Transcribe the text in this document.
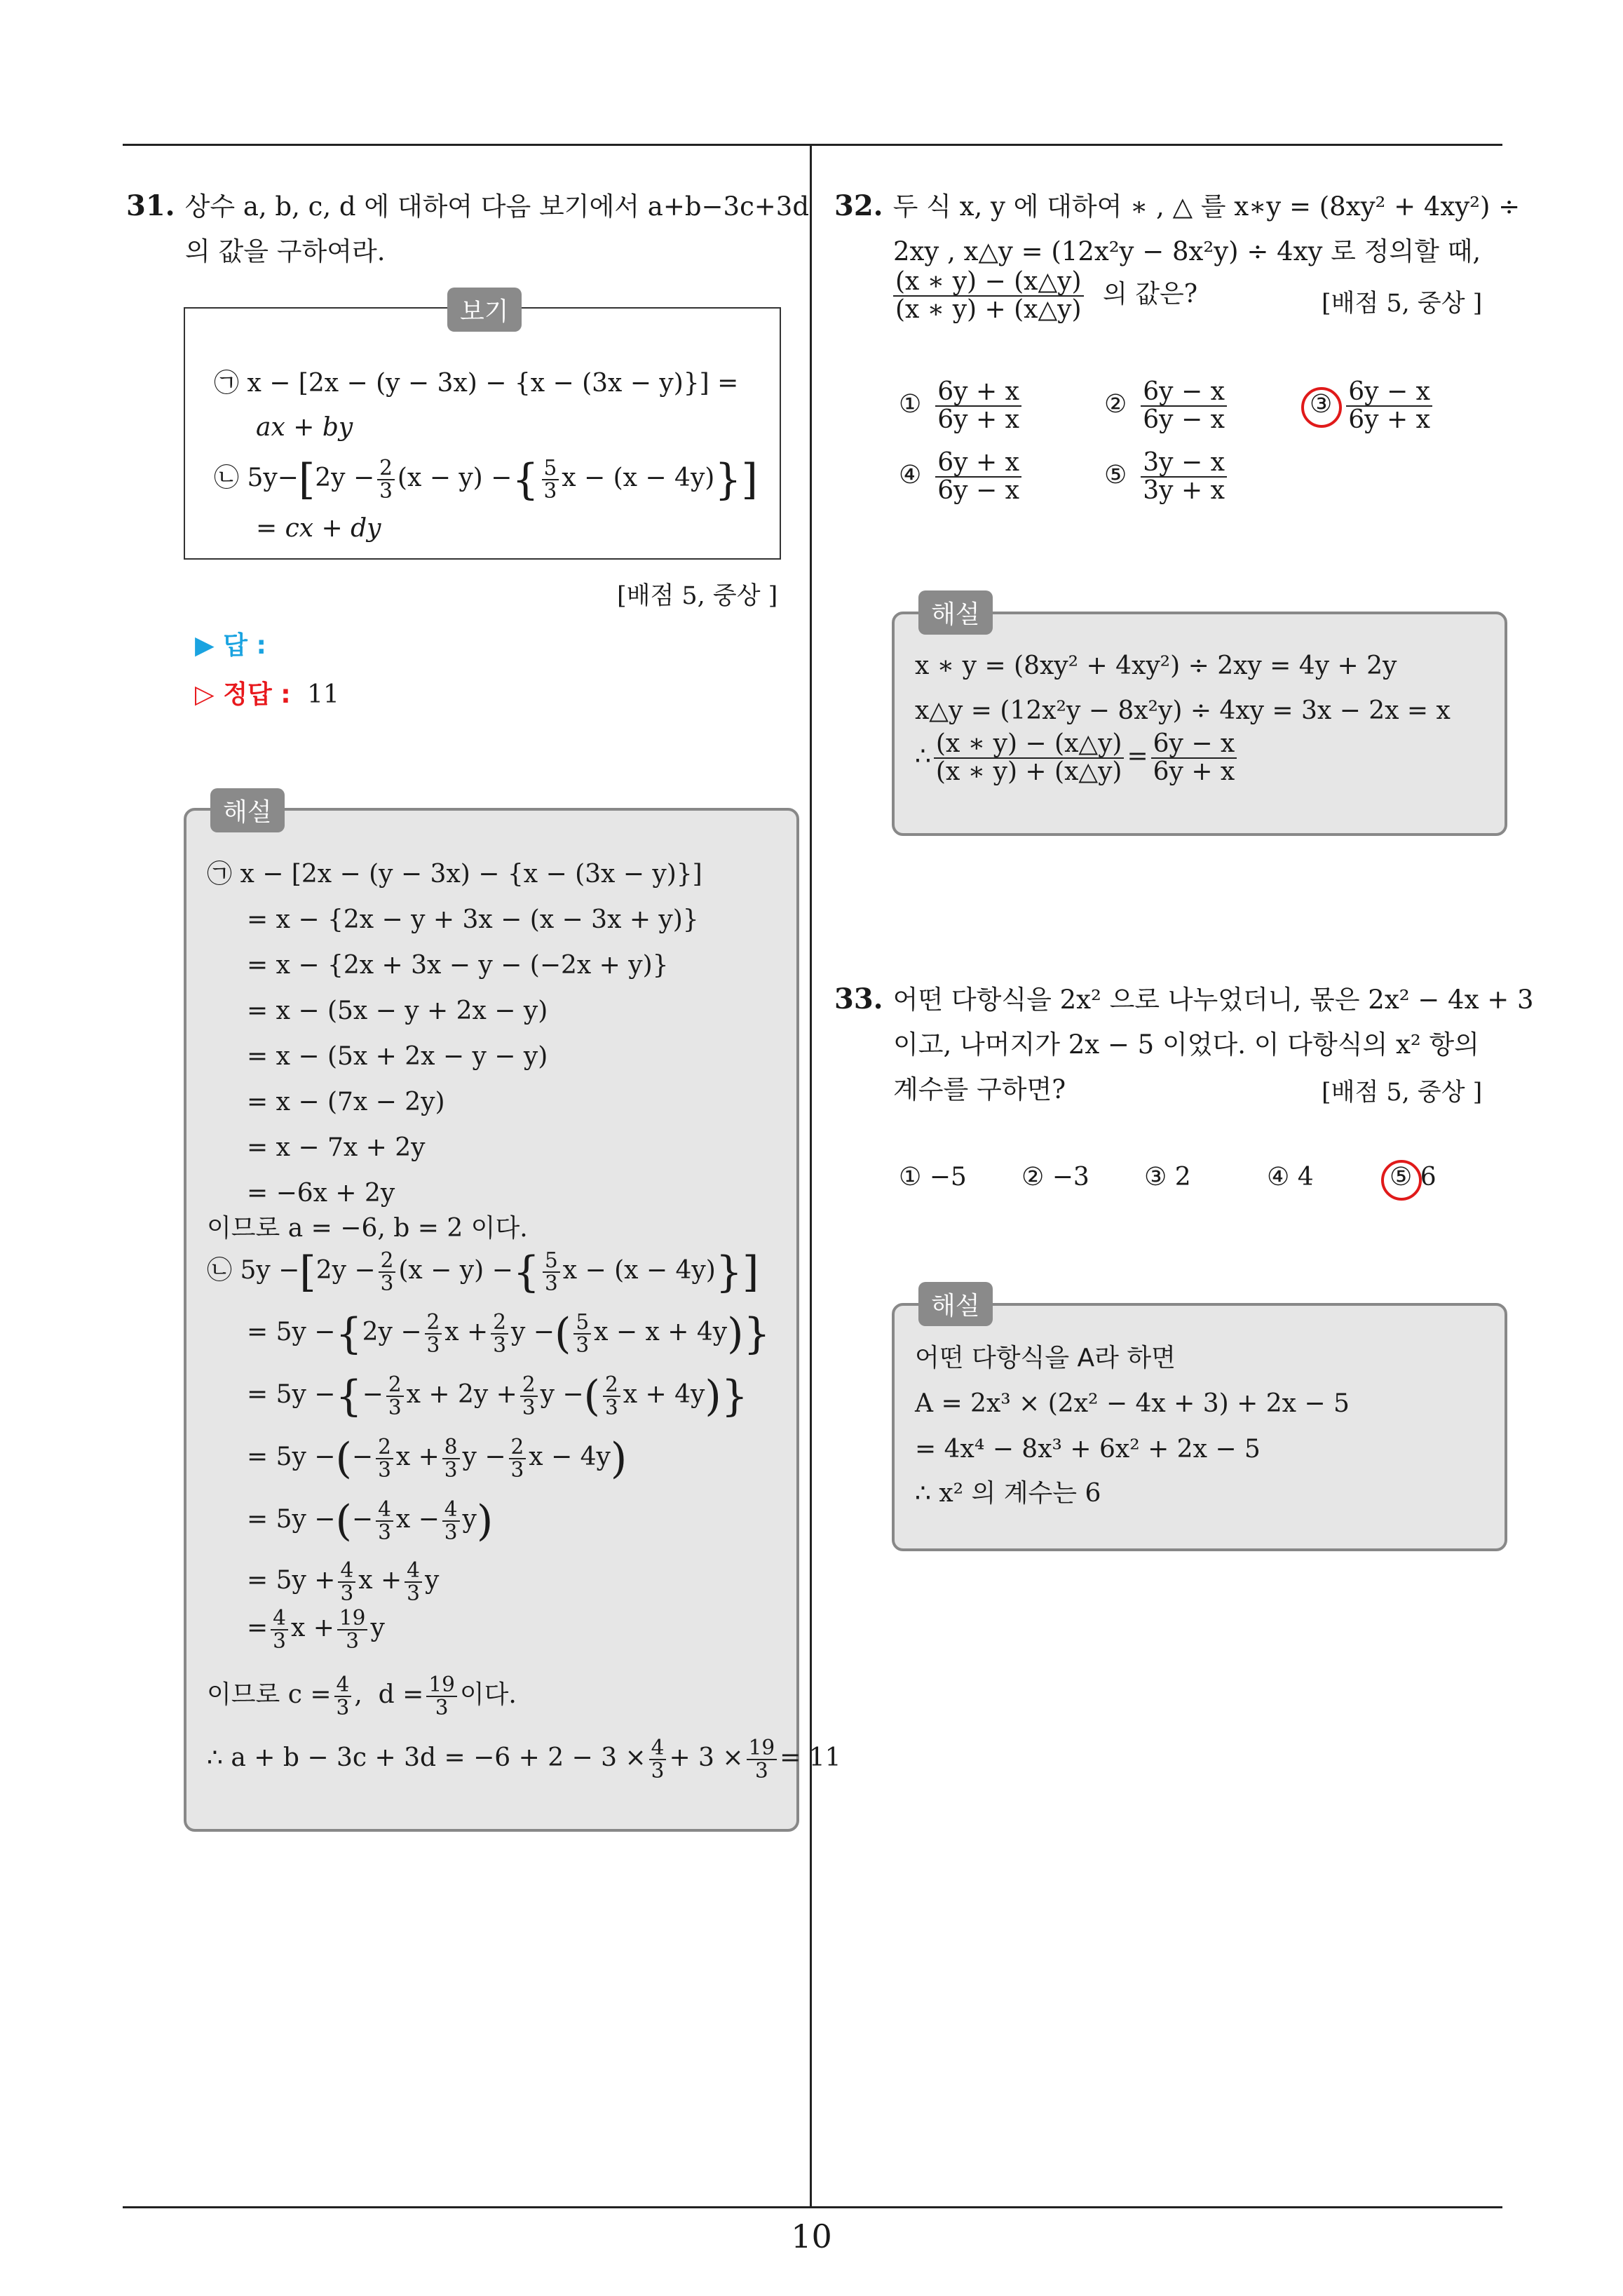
10
31. 상수 a, b, c, d 에 대하여 다음 보기에서 a+b−3c+3d
의 값을 구하여라.
보기
㉠ x − [2x − (y − 3x) − {x − (3x − y)}] =
ax + by
㉡ $5y-[2y - \frac{2}{3} (x - y)$ −{ $\frac{5}{3}$ x − (x − 4y)}]
= cx + dy
[배점 5, 중상 ]
▶ 답 :
▷ 정답 : 11
해설
㉠ x − [2x − (y − 3x) − {x − (3x − y)}]
= x − {2x − y + 3x − (x − 3x + y)}
= x − {2x + 3x − y − (−2x + y)}
= x − (5x − y + 2x − y)
= x − (5x + 2x − y − y)
= x − (7x − 2y)
= x − 7x + 2y
= −6x + 2y
이므로 a = −6, b = 2 이다.
㉡ $5y -[2y - \frac{2}{3} (x - y)$ −{ $\frac{5}{3}$ x − (x − 4y)}]
= $5y -\{2y - \frac{2}{3}$ $x + \frac{2}{3}$ y −( $\frac{5}{3}$ x − x + 4y)}
= 5y −{− $\frac{2}{3}$ $x + 2y + \frac{2}{3}$ y −( $\frac{2}{3}$ x + 4y)}
= 5y −(− $\frac{2}{3}$ $x + \frac{8}{3}$ $y - \frac{2}{3}$ x − 4y)
= 5y −(− $\frac{4}{3}$ $x - \frac{4}{3} y$)
= $5y + \frac{4}{3}$ $x + \frac{4}{3}$ y
= $\frac{4}{3}$ $x + \frac{19}{3}$ y
이므로 $c = \frac{4}{3}$ ,  $d = \frac{19}{3}$ 이다.
∴ $a + b - 3c + 3d = -6 + 2 - 3 \times \frac{4}{3} + 3 \times \frac{19}{3} = 11$
32. 두 식 x, y 에 대하여 ∗ , △ 를 x∗y = (8xy² + 4xy²) ÷
2xy , x△y = (12x²y − 8x²y) ÷ 4xy 로 정의할 때,
$\frac{(x ∗ y) - (x\triangle y)}{(x ∗ y) + (x\triangle y)}$ 의 값은?	[배점 5, 중상 ]
① $\frac{6y + x}{6y + x}$	② $\frac{6y - x}{6y - x}$	③ $\frac{6y - x}{6y + x}$
④ $\frac{6y + x}{6y - x}$	⑤ $\frac{3y - x}{3y + x}$
해설
x ∗ y = (8xy² + 4xy²) ÷ 2xy = 4y + 2y
x△y = (12x²y − 8x²y) ÷ 4xy = 3x − 2x = x
∴ $\frac{(x ∗ y) - (x\triangle y)}{(x ∗ y) + (x\triangle y)} = \frac{6y - x}{6y + x}$
33. 어떤 다항식을 2x² 으로 나누었더니, 몫은 2x² − 4x + 3
이고, 나머지가 2x − 5 이었다. 이 다항식의 x² 항의
계수를 구하면?	[배점 5, 중상 ]
① −5 ② −3 ③ 2	④ 4	⑤ 6
해설
어떤 다항식을 A라 하면
A = 2x³ × (2x² − 4x + 3) + 2x − 5
= 4x⁴ − 8x³ + 6x² + 2x − 5
∴ x² 의 계수는 6
